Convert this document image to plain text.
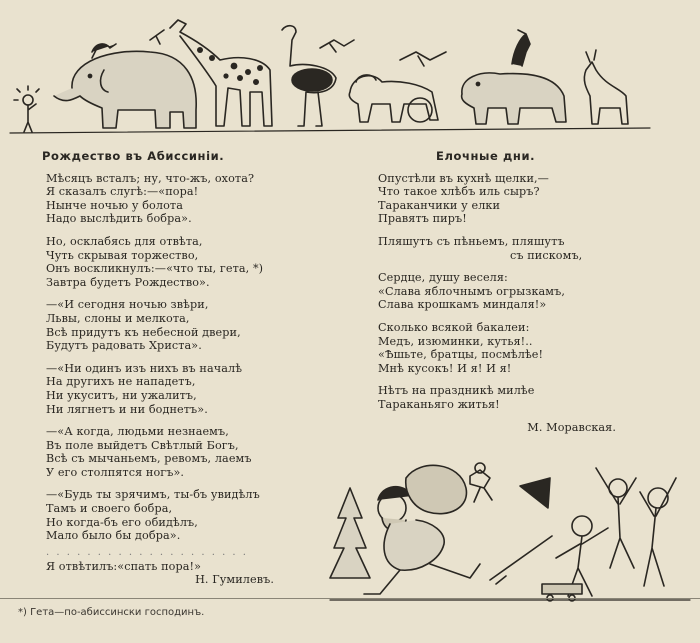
Рождество въ Абиссинiи.
Мѣсяцъ всталъ; ну, что-жъ, охота?
Я сказалъ слугѣ:—«пора!
Нынче ночью у болота
Надо выслѣдить бобра».
Но, осклабясь для отвѣта,
Чуть скрывая торжество,
Онъ воскликнулъ:—«что ты, гета, *)
Завтра будетъ Рождество».
—«И сегодня ночью звѣри,
Львы, слоны и мелкота,
Всѣ придутъ къ небесной двери,
Будутъ радовать Христа».
—«Ни одинъ изъ нихъ въ началѣ
На другихъ не нападетъ,
Ни укуситъ, ни ужалитъ,
Ни лягнетъ и ни боднетъ».
—«А когда, людьми незнаемъ,
Въ поле выйдетъ Свѣтлый Богъ,
Всѣ съ мычаньемъ, ревомъ, лаемъ
У его столпятся ногъ».
—«Будь ты зрячимъ, ты-бъ увидѣлъ
Тамъ и своего бобра,
Но когда-бъ его обидѣлъ,
Мало было бы добра».
. . . . . . . . . . . . . . . . . . . .
Я отвѣтилъ:«спать пора!»
Н. Гумилевъ.
Елочные дни.
Опустѣли въ кухнѣ щелки,—
Что такое хлѣбъ иль сыръ?
Тараканчики у елки
Правятъ пиръ!
Пляшутъ съ пѣньемъ, пляшутъ
съ пискомъ,
Сердце, душу веселя:
«Слава яблочнымъ огрызкамъ,
Слава крошкамъ миндаля!»
Сколько всякой бакалеи:
Медъ, изюминки, кутья!..
«Ѣшьте, братцы, посмѣлѣе!
Мнѣ кусокъ! И я! И я!
Нѣтъ на праздникѣ милѣе
Тараканьяго житья!
М. Моравская.
*) Гета—по-абиссински господинъ.
